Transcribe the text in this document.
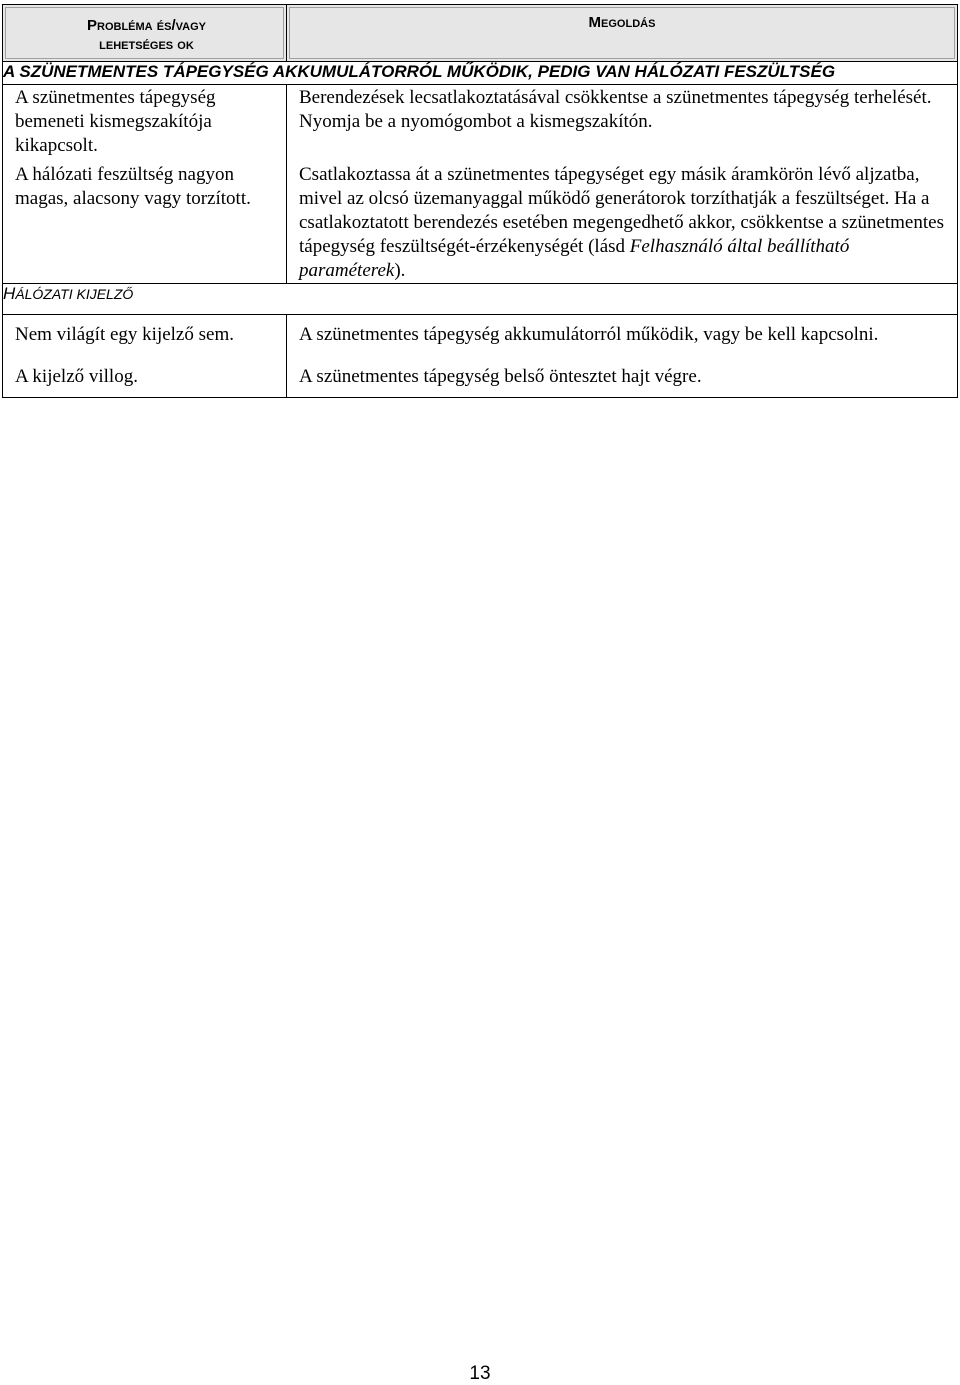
Probléma és/vagy
lehetséges ok	Megoldás

A SZÜNETMENTES TÁPEGYSÉG AKKUMULÁTORRÓL MŰKÖDIK, PEDIG VAN HÁLÓZATI FESZÜLTSÉG	
A szünetmentes tápegység bemeneti kismegszakítója kikapcsolt.	Berendezések lecsatlakoztatásával csökkentse a szünetmentes tápegység terhelését. Nyomja be a nyomógombot a kismegszakítón.
A hálózati feszültség nagyon magas, alacsony vagy torzított.	Csatlakoztassa át a szünetmentes tápegységet egy másik áramkörön lévő aljzatba, mivel az olcsó üzemanyaggal működő generátorok torzíthatják a feszültséget. Ha a csatlakoztatott berendezés esetében megengedhető akkor, csökkentse a szünetmentes tápegység feszültségét-érzékenységét (lásd Felhasználó által beállítható paraméterek).
HÁLÓZATI KIJELZŐ	
Nem világít egy kijelző sem.	A szünetmentes tápegység akkumulátorról működik, vagy be kell kapcsolni.
A kijelző villog.	A szünetmentes tápegység belső öntesztet hajt végre.
13
